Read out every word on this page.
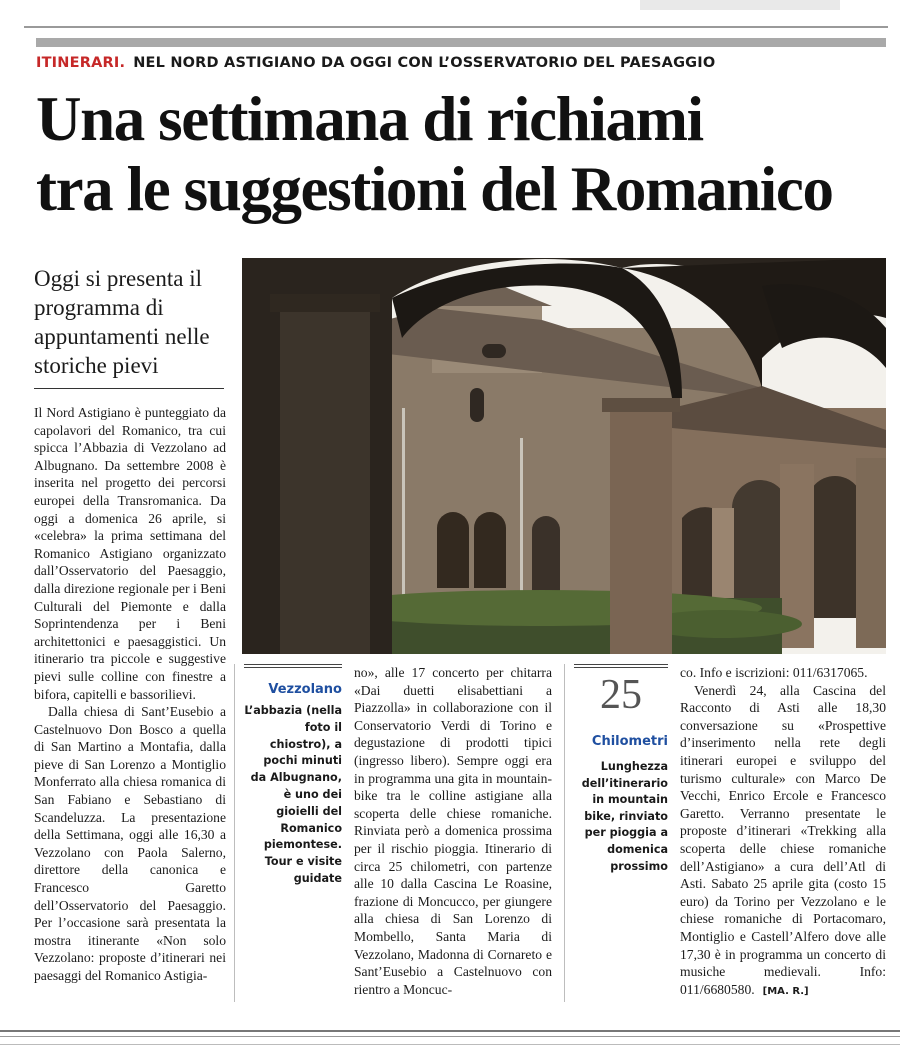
ITINERARI. NEL NORD ASTIGIANO DA OGGI CON L’OSSERVATORIO DEL PAESAGGIO
Una settimana di richiami
tra le suggestioni del Romanico
Oggi si presenta il programma di appuntamenti nelle storiche pievi

Il Nord Astigiano è punteggiato da capolavori del Romanico, tra cui spicca l’Abbazia di Vezzolano ad Albugnano. Da settembre 2008 è inserita nel progetto dei percorsi europei della Transromanica. Da oggi a domenica 26 aprile, si «celebra» la prima settimana del Romanico Astigiano organizzato dall’Osservatorio del Paesaggio, dalla direzione regionale per i Beni Culturali del Piemonte e dalla Soprintendenza per i Beni architettonici e paesaggistici. Un itinerario tra piccole e suggestive pievi sulle colline con finestre a bifora, capitelli e bassorilievi.

Dalla chiesa di Sant’Eusebio a Castelnuovo Don Bosco a quella di San Martino a Montafia, dalla pieve di San Lorenzo a Montiglio Monferrato alla chiesa romanica di San Fabiano e Sebastiano di Scandeluzza. La presentazione della Settimana, oggi alle 16,30 a Vezzolano con Paola Salerno, direttore della canonica e Francesco Garetto dell’Osservatorio del Paesaggio. Per l’occasione sarà presentata la mostra itinerante «Non solo Vezzolano: proposte d’itinerari nei paesaggi del Romanico Astigia-

Vezzolano
L’abbazia (nella foto il chiostro), a pochi minuti da Albugnano, è uno dei gioielli del Romanico piemontese. Tour e visite guidate

no», alle 17 concerto per chitarra «Dai duetti elisabettiani a Piazzolla» in collaborazione con il Conservatorio Verdi di Torino e degustazione di prodotti tipici (ingresso libero). Sempre oggi era in programma una gita in mountain-bike tra le colline astigiane alla scoperta delle chiese romaniche. Rinviata però a domenica prossima per il rischio pioggia. Itinerario di circa 25 chilometri, con partenze alle 10 dalla Cascina Le Roasine, frazione di Moncucco, per giungere alla chiesa di San Lorenzo di Mombello, Santa Maria di Vezzolano, Madonna di Cornareto e Sant’Eusebio a Castelnuovo con rientro a Moncuc-

25
Chilometri
Lunghezza dell’itinerario in mountain bike, rinviato per pioggia a domenica prossimo

co. Info e iscrizioni: 011/6317065.

Venerdì 24, alla Cascina del Racconto di Asti alle 18,30 conversazione su «Prospettive d’inserimento nella rete degli itinerari europei e sviluppo del turismo culturale» con Marco De Vecchi, Enrico Ercole e Francesco Garetto. Verranno presentate le proposte d’itinerari «Trekking alla scoperta delle chiese romaniche dell’Astigiano» a cura dell’Atl di Asti. Sabato 25 aprile gita (costo 15 euro) da Torino per Vezzolano e le chiese romaniche di Portacomaro, Montiglio e Castell’Alfero dove alle 17,30 è in programma un concerto di musiche medievali. Info: 011/6680580. [MA. R.]
